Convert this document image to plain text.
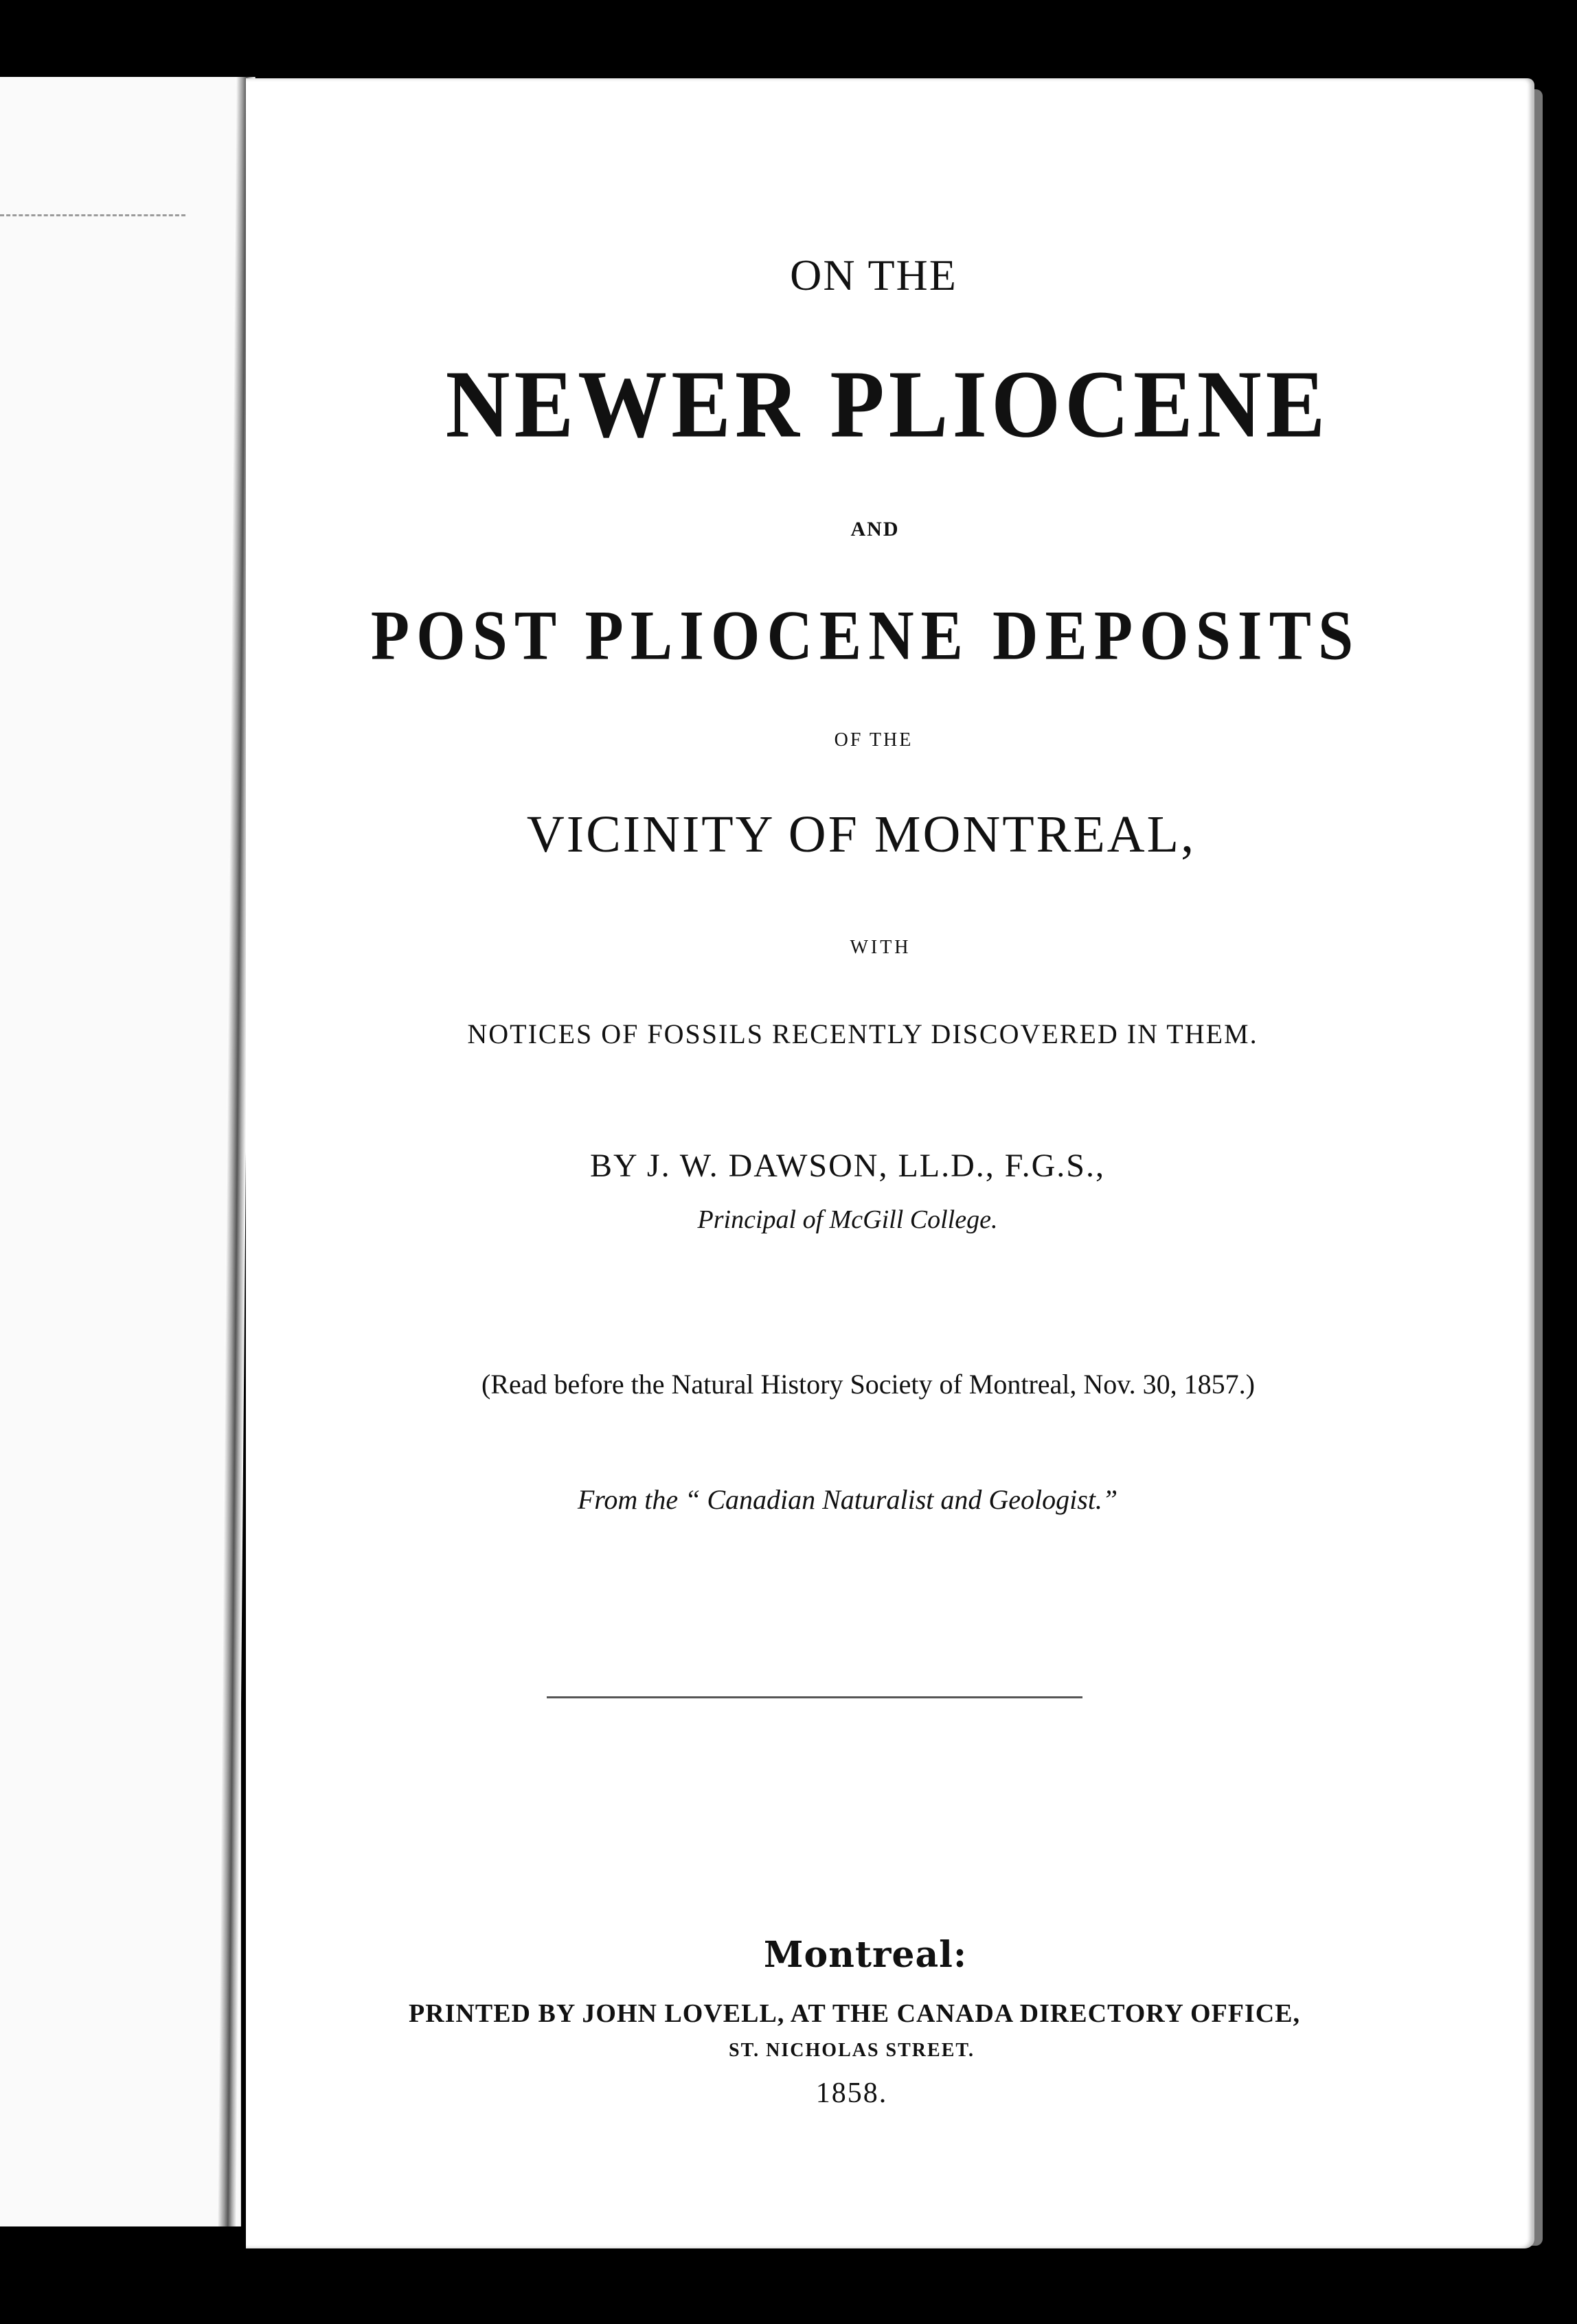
ON THE
NEWER PLIOCENE
AND
POST PLIOCENE DEPOSITS
OF THE
VICINITY OF MONTREAL,
WITH
NOTICES OF FOSSILS RECENTLY DISCOVERED IN THEM.
BY J. W. DAWSON, LL.D., F.G.S.,
Principal of McGill College.
(Read before the Natural History Society of Montreal, Nov. 30, 1857.)
From the “ Canadian Naturalist and Geologist.”
Montreal:
PRINTED BY JOHN LOVELL, AT THE CANADA DIRECTORY OFFICE,
ST. NICHOLAS STREET.
1858.
